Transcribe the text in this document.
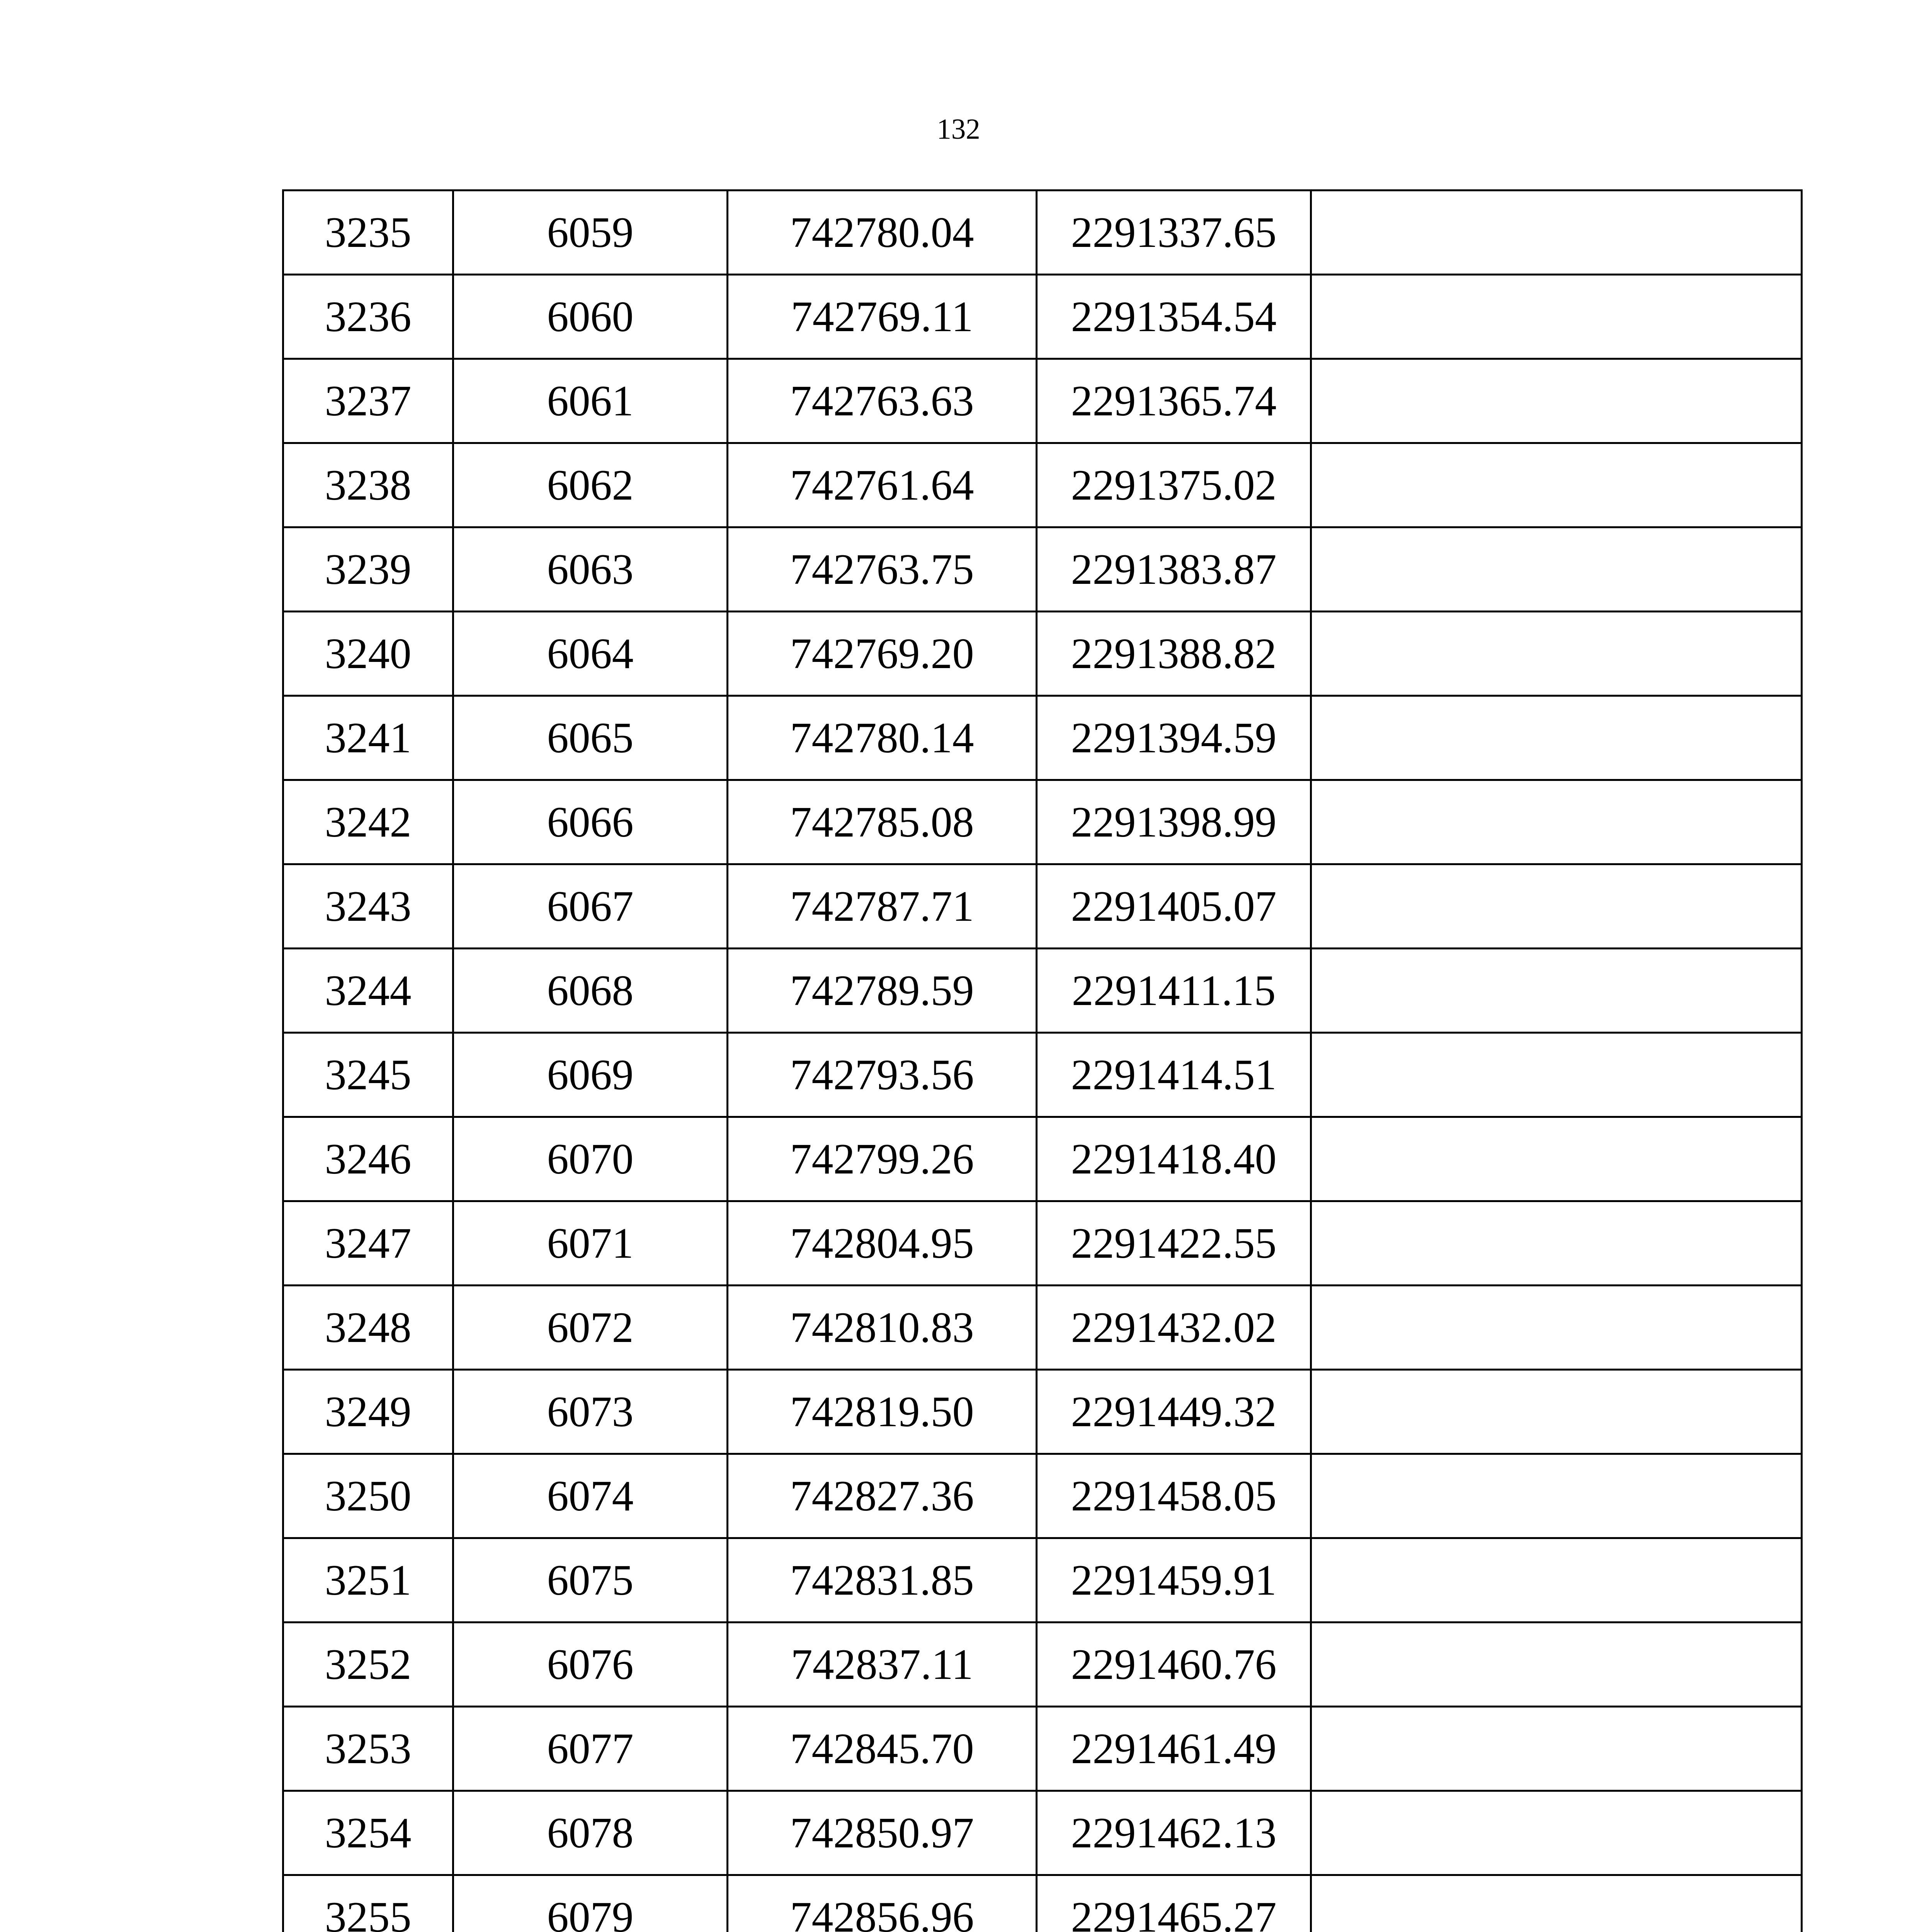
132
3235	6059	742780.04	2291337.65	
3236	6060	742769.11	2291354.54	
3237	6061	742763.63	2291365.74	
3238	6062	742761.64	2291375.02	
3239	6063	742763.75	2291383.87	
3240	6064	742769.20	2291388.82	
3241	6065	742780.14	2291394.59	
3242	6066	742785.08	2291398.99	
3243	6067	742787.71	2291405.07	
3244	6068	742789.59	2291411.15	
3245	6069	742793.56	2291414.51	
3246	6070	742799.26	2291418.40	
3247	6071	742804.95	2291422.55	
3248	6072	742810.83	2291432.02	
3249	6073	742819.50	2291449.32	
3250	6074	742827.36	2291458.05	
3251	6075	742831.85	2291459.91	
3252	6076	742837.11	2291460.76	
3253	6077	742845.70	2291461.49	
3254	6078	742850.97	2291462.13	
3255	6079	742856.96	2291465.27	
